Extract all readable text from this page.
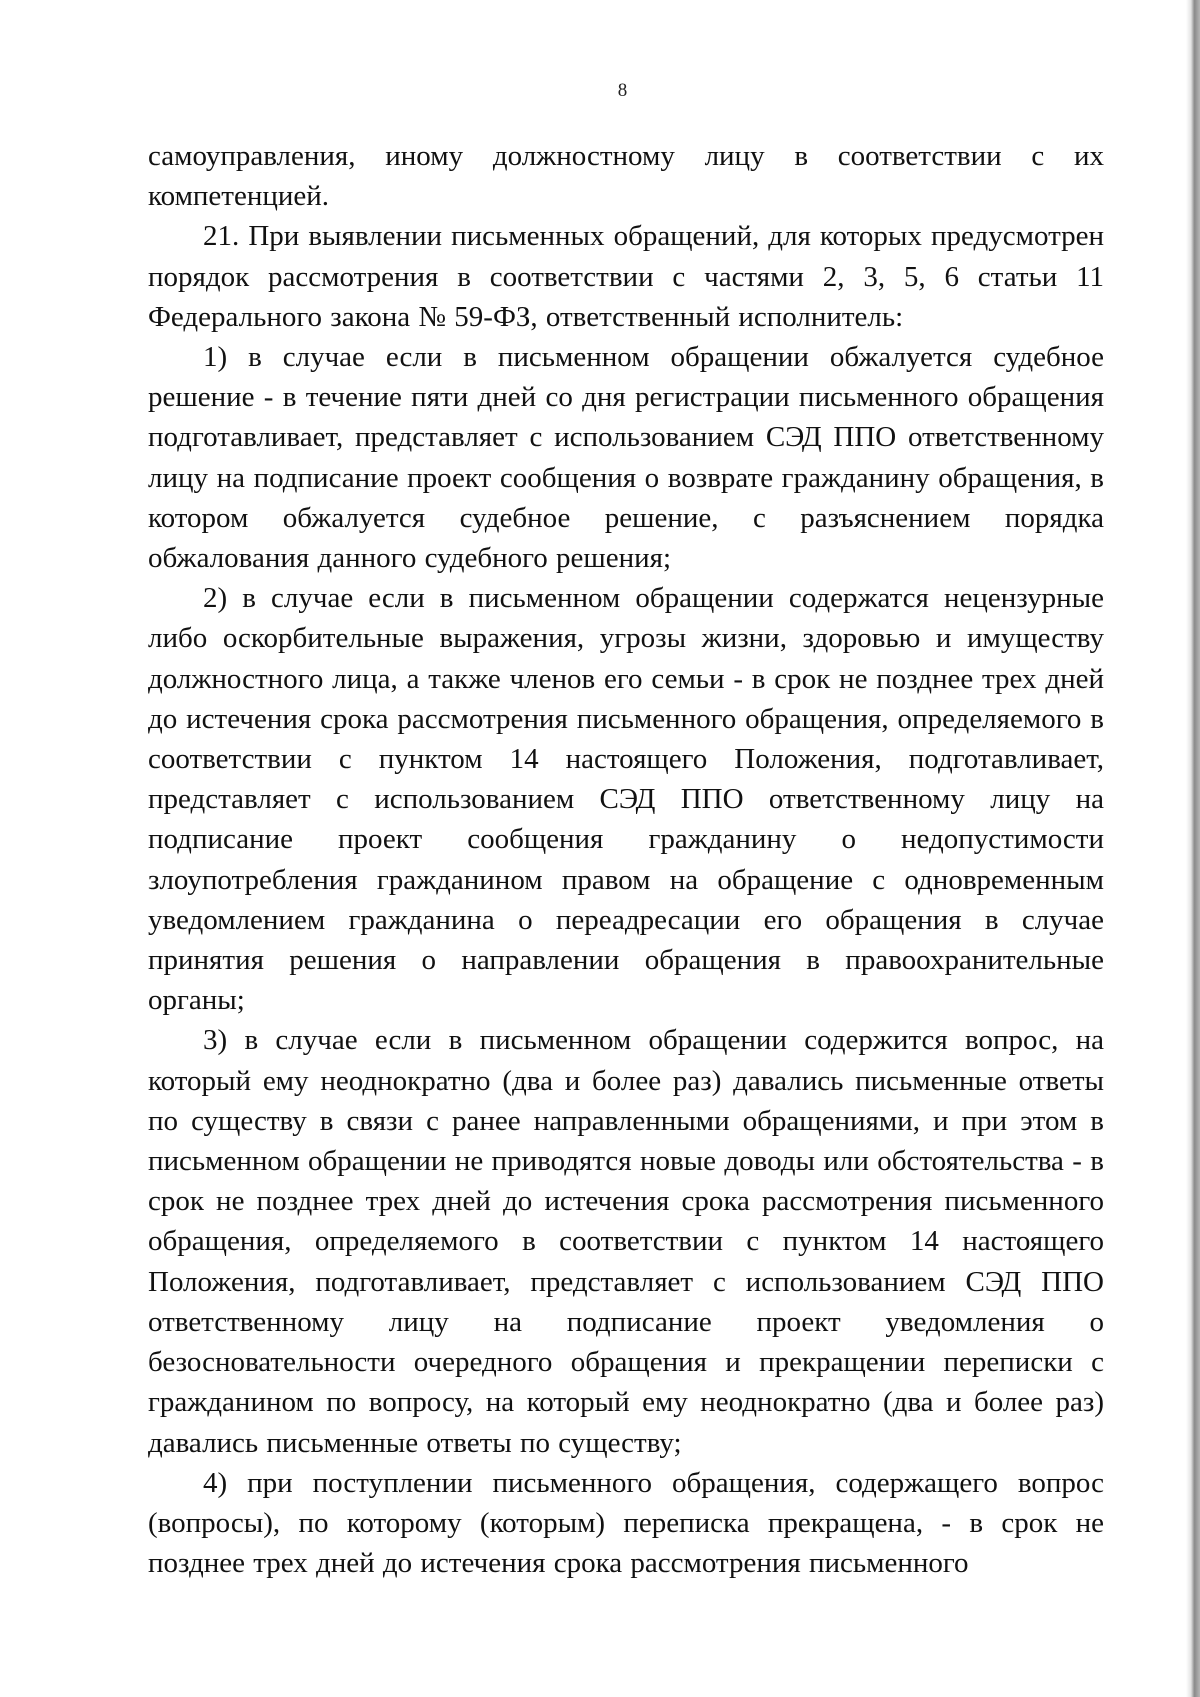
8

самоуправления, иному должностному лицу в соответствии с их компетенцией.

21. При выявлении письменных обращений, для которых предусмотрен порядок рассмотрения в соответствии с частями 2, 3, 5, 6 статьи 11 Федерального закона № 59-ФЗ, ответственный исполнитель:

1) в случае если в письменном обращении обжалуется судебное решение - в течение пяти дней со дня регистрации письменного обращения подготавливает, представляет с использованием СЭД ППО ответственному лицу на подписание проект сообщения о возврате гражданину обращения, в котором обжалуется судебное решение, с разъяснением порядка обжалования данного судебного решения;

2) в случае если в письменном обращении содержатся нецензурные либо оскорбительные выражения, угрозы жизни, здоровью и имуществу должностного лица, а также членов его семьи - в срок не позднее трех дней до истечения срока рассмотрения письменного обращения, определяемого в соответствии с пунктом 14 настоящего Положения, подготавливает, представляет с использованием СЭД ППО ответственному лицу на подписание проект сообщения гражданину о недопустимости злоупотребления гражданином правом на обращение с одновременным уведомлением гражданина о переадресации его обращения в случае принятия решения о направлении обращения в правоохранительные органы;

3) в случае если в письменном обращении содержится вопрос, на который ему неоднократно (два и более раз) давались письменные ответы по существу в связи с ранее направленными обращениями, и при этом в письменном обращении не приводятся новые доводы или обстоятельства - в срок не позднее трех дней до истечения срока рассмотрения письменного обращения, определяемого в соответствии с пунктом 14 настоящего Положения, подготавливает, представляет с использованием СЭД ППО ответственному лицу на подписание проект уведомления о безосновательности очередного обращения и прекращении переписки с гражданином по вопросу, на который ему неоднократно (два и более раз) давались письменные ответы по существу;

4) при поступлении письменного обращения, содержащего вопрос (вопросы), по которому (которым) переписка прекращена, - в срок не позднее трех дней до истечения срока рассмотрения письменного
